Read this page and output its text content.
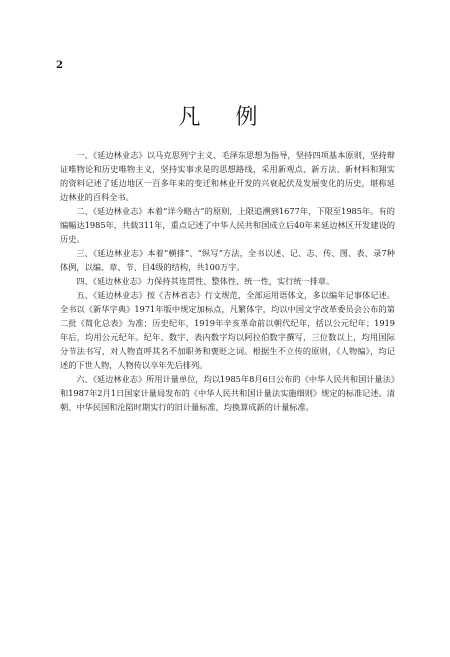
2
凡 例

一、《延边林业志》以马克思列宁主义、毛泽东思想为指导，坚持四项基本原则，坚持辩证唯物论和历史唯物主义，坚持实事求是的思想路线，采用新观点、新方法、新材料和翔实的资料记述了延边地区一百多年来的变迁和林业开发的兴衰起伏及发展变化的历史，堪称延边林业的百科全书。

二、《延边林业志》本着“详今略古”的原则，上限追溯到1677年，下限至1985年。有的编幅达1985年，共载311年，重点记述了中华人民共和国成立后40年来延边林区开发建设的历史。

三、《延边林业志》本着“横排”、“纵写”方法，全书以述、记、志、传、图、表、录7种体例，以编、章、节、目4级的结构，共100万字。

四、《延边林业志》力保持其连贯性、整体性、统一性，实行统一排章。

五、《延边林业志》按《吉林省志》行文规范，全部运用语体文，多以编年记事体记述。全书以《新华字典》1971年版中规定加标点，凡繁体字，均以中国文字改革委员会公布的第二批《简化总表》为准；历史纪年，1919年辛亥革命前以朝代纪年，括以公元纪年；1919年后，均用公元纪年。纪年、数字、表内数字均以阿拉伯数字撰写，三位数以上，均用国际分节法书写，对人物直呼其名不加职务和褒贬之词。根据生不立传的原则，《人物编》，均记述的下世人物，人物传以卒年先后排列。

六、《延边林业志》所用计量单位，均以1985年8月6日公布的《中华人民共和国计量法》和1987年2月1日国家计量局发布的《中华人民共和国计量法实施细则》规定的标准记述。清朝、中华民国和沦陷时期实行的旧计量标准，均换算成新的计量标准。
